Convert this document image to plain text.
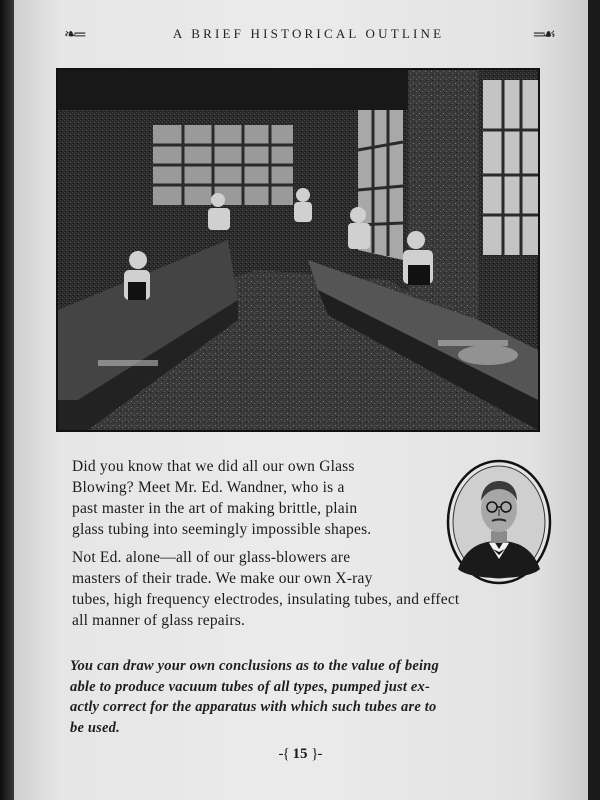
❧═	A BRIEF HISTORICAL OUTLINE	═☙
Did you know that we did all our own Glass
Blowing? Meet Mr. Ed. Wandner, who is a
past master in the art of making brittle, plain
glass tubing into seemingly impossible shapes.
Not Ed. alone—all of our glass-blowers are
masters of their trade. We make our own X-ray
tubes, high frequency electrodes, insulating tubes, and effect
all manner of glass repairs.
You can draw your own conclusions as to the value of being
able to produce vacuum tubes of all types, pumped just ex-
actly correct for the apparatus with which such tubes are to
be used.
-{ 15 }-
